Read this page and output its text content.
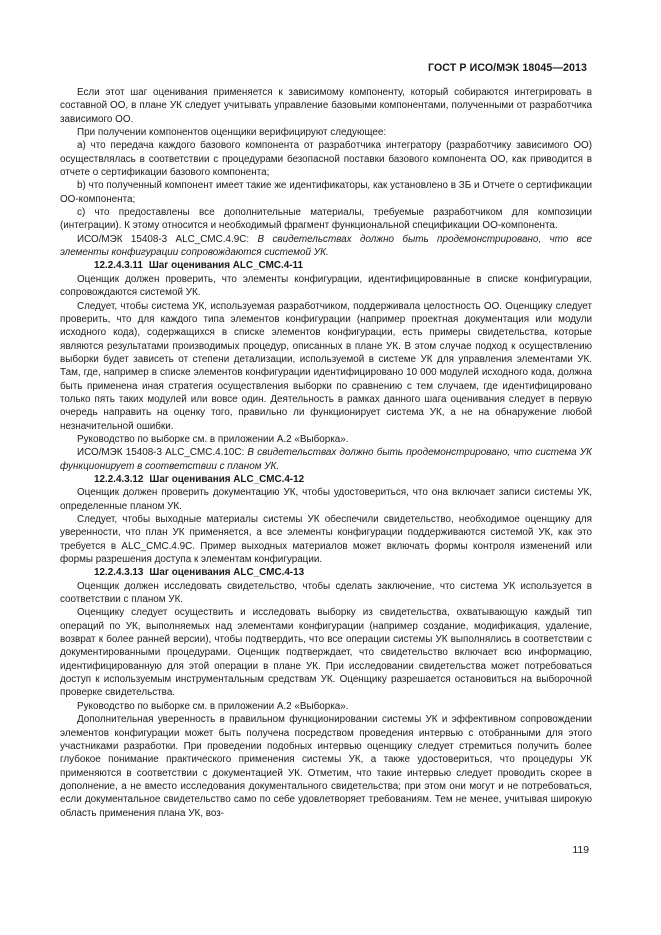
ГОСТ Р ИСО/МЭК 18045—2013

Если этот шаг оценивания применяется к зависимому компоненту, который собираются интегрировать в составной ОО, в плане УК следует учитывать управление базовыми компонентами, полученными от разработчика зависимого ОО.

При получении компонентов оценщики верифицируют следующее:

a) что передача каждого базового компонента от разработчика интегратору (разработчику зависимого ОО) осуществлялась в соответствии с процедурами безопасной поставки базового компонента ОО, как приводится в отчете о сертификации базового компонента;

b) что полученный компонент имеет такие же идентификаторы, как установлено в ЗБ и Отчете о сертификации ОО-компонента;

c) что предоставлены все дополнительные материалы, требуемые разработчиком для композиции (интеграции). К этому относится и необходимый фрагмент функциональной спецификации ОО-компонента.

ИСО/МЭК 15408-3 ALC_CMC.4.9C: В свидетельствах должно быть продемонстрировано, что все элементы конфигурации сопровождаются системой УК.

12.2.4.3.11 Шаг оценивания ALC_CMC.4-11

Оценщик должен проверить, что элементы конфигурации, идентифицированные в списке конфигурации, сопровождаются системой УК.

Следует, чтобы система УК, используемая разработчиком, поддерживала целостность ОО. Оценщику следует проверить, что для каждого типа элементов конфигурации (например проектная документация или модули исходного кода), содержащихся в списке элементов конфигурации, есть примеры свидетельства, которые являются результатами производимых процедур, описанных в плане УК. В этом случае подход к осуществлению выборки будет зависеть от степени детализации, используемой в системе УК для управления элементами УК. Там, где, например в списке элементов конфигурации идентифицировано 10 000 модулей исходного кода, должна быть применена иная стратегия осуществления выборки по сравнению с тем случаем, где идентифицировано только пять таких модулей или вовсе один. Деятельность в рамках данного шага оценивания следует в первую очередь направить на оценку того, правильно ли функционирует система УК, а не на обнаружение любой незначительной ошибки.

Руководство по выборке см. в приложении А.2 «Выборка».

ИСО/МЭК 15408-3 ALC_CMC.4.10C: В свидетельствах должно быть продемонстрировано, что система УК функционирует в соответствии с планом УК.

12.2.4.3.12 Шаг оценивания ALC_CMC.4-12

Оценщик должен проверить документацию УК, чтобы удостовериться, что она включает записи системы УК, определенные планом УК.

Следует, чтобы выходные материалы системы УК обеспечили свидетельство, необходимое оценщику для уверенности, что план УК применяется, а все элементы конфигурации поддерживаются системой УК, как это требуется в ALC_CMC.4.9C. Пример выходных материалов может включать формы контроля изменений или формы разрешения доступа к элементам конфигурации.

12.2.4.3.13 Шаг оценивания ALC_CMC.4-13

Оценщик должен исследовать свидетельство, чтобы сделать заключение, что система УК используется в соответствии с планом УК.

Оценщику следует осуществить и исследовать выборку из свидетельства, охватывающую каждый тип операций по УК, выполняемых над элементами конфигурации (например создание, модификация, удаление, возврат к более ранней версии), чтобы подтвердить, что все операции системы УК выполнялись в соответствии с документированными процедурами. Оценщик подтверждает, что свидетельство включает всю информацию, идентифицированную для этой операции в плане УК. При исследовании свидетельства может потребоваться доступ к используемым инструментальным средствам УК. Оценщику разрешается остановиться на выборочной проверке свидетельства.

Руководство по выборке см. в приложении А.2 «Выборка».

Дополнительная уверенность в правильном функционировании системы УК и эффективном сопровождении элементов конфигурации может быть получена посредством проведения интервью с отобранными для этого участниками разработки. При проведении подобных интервью оценщику следует стремиться получить более глубокое понимание практического применения системы УК, а также удостовериться, что процедуры УК применяются в соответствии с документацией УК. Отметим, что такие интервью следует проводить скорее в дополнение, а не вместо исследования документального свидетельства; при этом они могут и не потребоваться, если документальное свидетельство само по себе удовлетворяет требованиям. Тем не менее, учитывая широкую область применения плана УК, воз-

119
